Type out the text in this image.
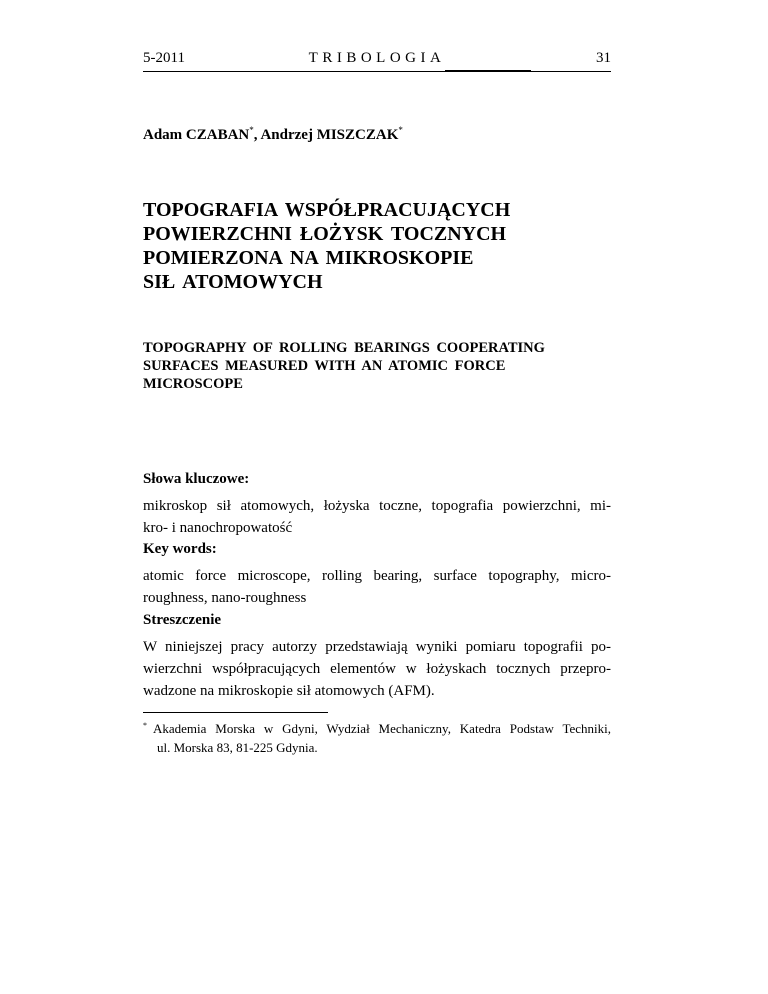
5-2011	TRIBOLOGIA	31
Adam CZABAN*, Andrzej MISZCZAK*
TOPOGRAFIA WSPÓŁPRACUJĄCYCH
POWIERZCHNI ŁOŻYSK TOCZNYCH
POMIERZONA NA MIKROSKOPIE
SIŁ ATOMOWYCH
TOPOGRAPHY OF ROLLING BEARINGS COOPERATING
SURFACES MEASURED WITH AN ATOMIC FORCE
MICROSCOPE
Słowa kluczowe:
mikroskop sił atomowych, łożyska toczne, topografia powierzchni, mi-
kro- i nanochropowatość
Key words:
atomic force microscope, rolling bearing, surface topography, micro-
roughness, nano-roughness
Streszczenie
W niniejszej pracy autorzy przedstawiają wyniki pomiaru topografii po-
wierzchni współpracujących elementów w łożyskach tocznych przepro-
wadzone na mikroskopie sił atomowych (AFM).
* Akademia Morska w Gdyni, Wydział Mechaniczny, Katedra Podstaw Techniki,
ul. Morska 83, 81-225 Gdynia.
